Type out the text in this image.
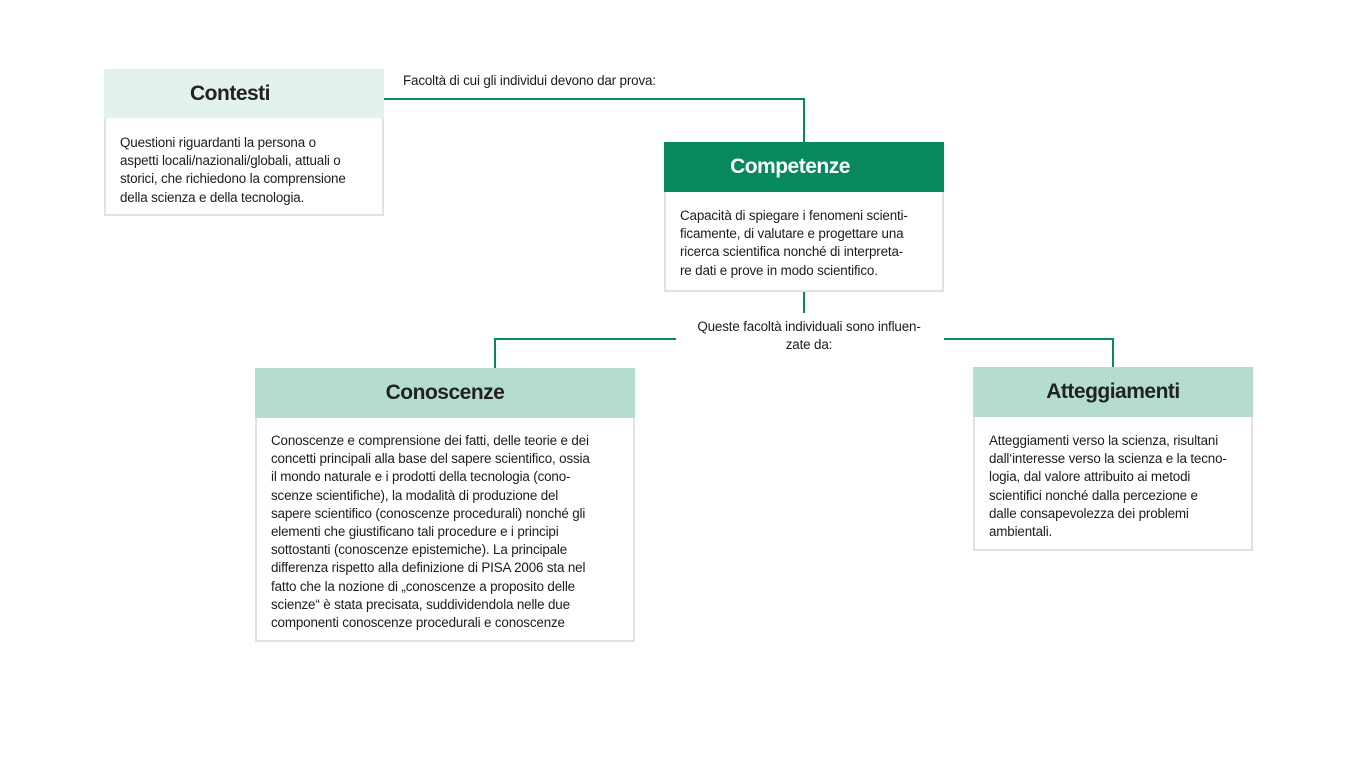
Facoltà di cui gli individui devono dar prova:
Queste facoltà individuali sono influen-
zate da:
Contesti
Questioni riguardanti la persona o
aspetti locali/nazionali/globali, attuali o
storici, che richiedono la comprensione
della scienza e della tecnologia.
Competenze
Capacità di spiegare i fenomeni scienti-
ficamente, di valutare e progettare una
ricerca scientifica nonché di interpreta-
re dati e prove in modo scientifico.
Conoscenze
Conoscenze e comprensione dei fatti, delle teorie e dei
concetti principali alla base del sapere scientifico, ossia
il mondo naturale e i prodotti della tecnologia (cono-
scenze scientifiche), la modalità di produzione del
sapere scientifico (conoscenze procedurali) nonché gli
elementi che giustificano tali procedure e i principi
sottostanti (conoscenze epistemiche). La principale
differenza rispetto alla definizione di PISA 2006 sta nel
fatto che la nozione di „conoscenze a proposito delle
scienze“ è stata precisata, suddividendola nelle due
componenti conoscenze procedurali e conoscenze
Atteggiamenti
Atteggiamenti verso la scienza, risultani
dall‘interesse verso la scienza e la tecno-
logia, dal valore attribuito ai metodi
scientifici nonché dalla percezione e
dalle consapevolezza dei problemi
ambientali.
